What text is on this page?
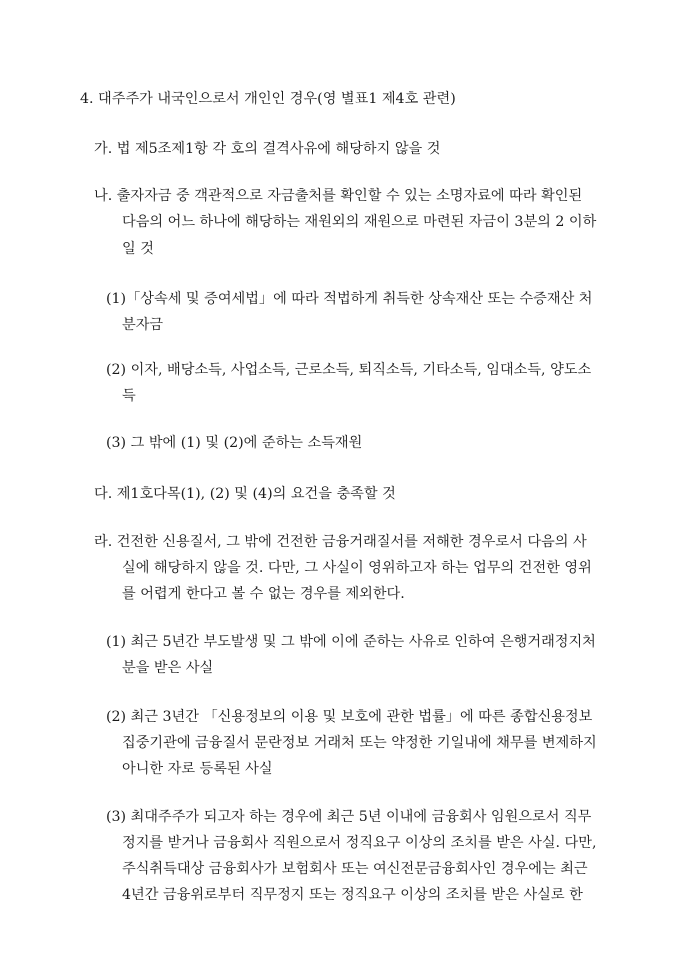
4. 대주주가 내국인으로서 개인인 경우(영 별표1 제4호 관련)
가. 법 제5조제1항 각 호의 결격사유에 해당하지 않을 것
나. 출자자금 중 객관적으로 자금출처를 확인할 수 있는 소명자료에 따라 확인된
다음의 어느 하나에 해당하는 재원외의 재원으로 마련된 자금이 3분의 2 이하
일 것
(1)「상속세 및 증여세법」에 따라 적법하게 취득한 상속재산 또는 수증재산 처
분자금
(2) 이자, 배당소득, 사업소득, 근로소득, 퇴직소득, 기타소득, 임대소득, 양도소
득
(3) 그 밖에 (1) 및 (2)에 준하는 소득재원
다. 제1호다목(1), (2) 및 (4)의 요건을 충족할 것
라. 건전한 신용질서, 그 밖에 건전한 금융거래질서를 저해한 경우로서 다음의 사
실에 해당하지 않을 것. 다만, 그 사실이 영위하고자 하는 업무의 건전한 영위
를 어렵게 한다고 볼 수 없는 경우를 제외한다.
(1) 최근 5년간 부도발생 및 그 밖에 이에 준하는 사유로 인하여 은행거래정지처
분을 받은 사실
(2) 최근 3년간 「신용정보의 이용 및 보호에 관한 법률」에 따른 종합신용정보
집중기관에 금융질서 문란정보 거래처 또는 약정한 기일내에 채무를 변제하지
아니한 자로 등록된 사실
(3) 최대주주가 되고자 하는 경우에 최근 5년 이내에 금융회사 임원으로서 직무
정지를 받거나 금융회사 직원으로서 정직요구 이상의 조치를 받은 사실. 다만,
주식취득대상 금융회사가 보험회사 또는 여신전문금융회사인 경우에는 최근
4년간 금융위로부터 직무정지 또는 정직요구 이상의 조치를 받은 사실로 한
